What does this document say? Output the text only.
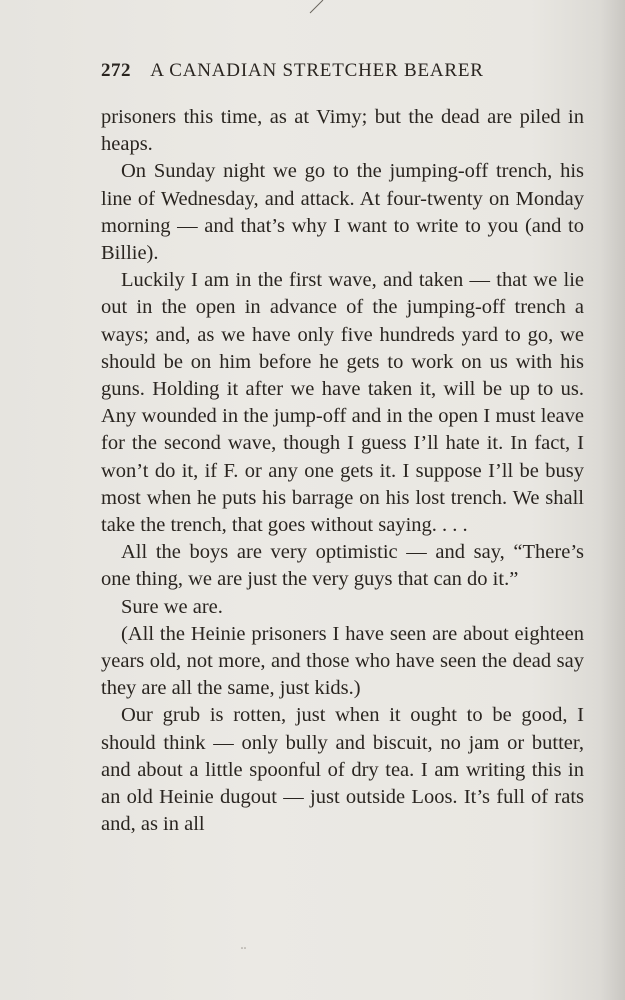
272 A CANADIAN STRETCHER BEARER

prisoners this time, as at Vimy; but the dead are piled in heaps.

On Sunday night we go to the jumping-off trench, his line of Wednesday, and attack. At four-twenty on Monday morning — and that’s why I want to write to you (and to Billie).

Luckily I am in the first wave, and taken — that we lie out in the open in advance of the jumping-off trench a ways; and, as we have only five hundreds yard to go, we should be on him before he gets to work on us with his guns. Holding it after we have taken it, will be up to us. Any wounded in the jump-off and in the open I must leave for the second wave, though I guess I’ll hate it. In fact, I won’t do it, if F. or any one gets it. I suppose I’ll be busy most when he puts his barrage on his lost trench. We shall take the trench, that goes without saying. . . .

All the boys are very optimistic — and say, “There’s one thing, we are just the very guys that can do it.”

Sure we are.

(All the Heinie prisoners I have seen are about eighteen years old, not more, and those who have seen the dead say they are all the same, just kids.)

Our grub is rotten, just when it ought to be good, I should think — only bully and biscuit, no jam or butter, and about a little spoonful of dry tea. I am writing this in an old Heinie dugout — just outside Loos. It’s full of rats and, as in all
